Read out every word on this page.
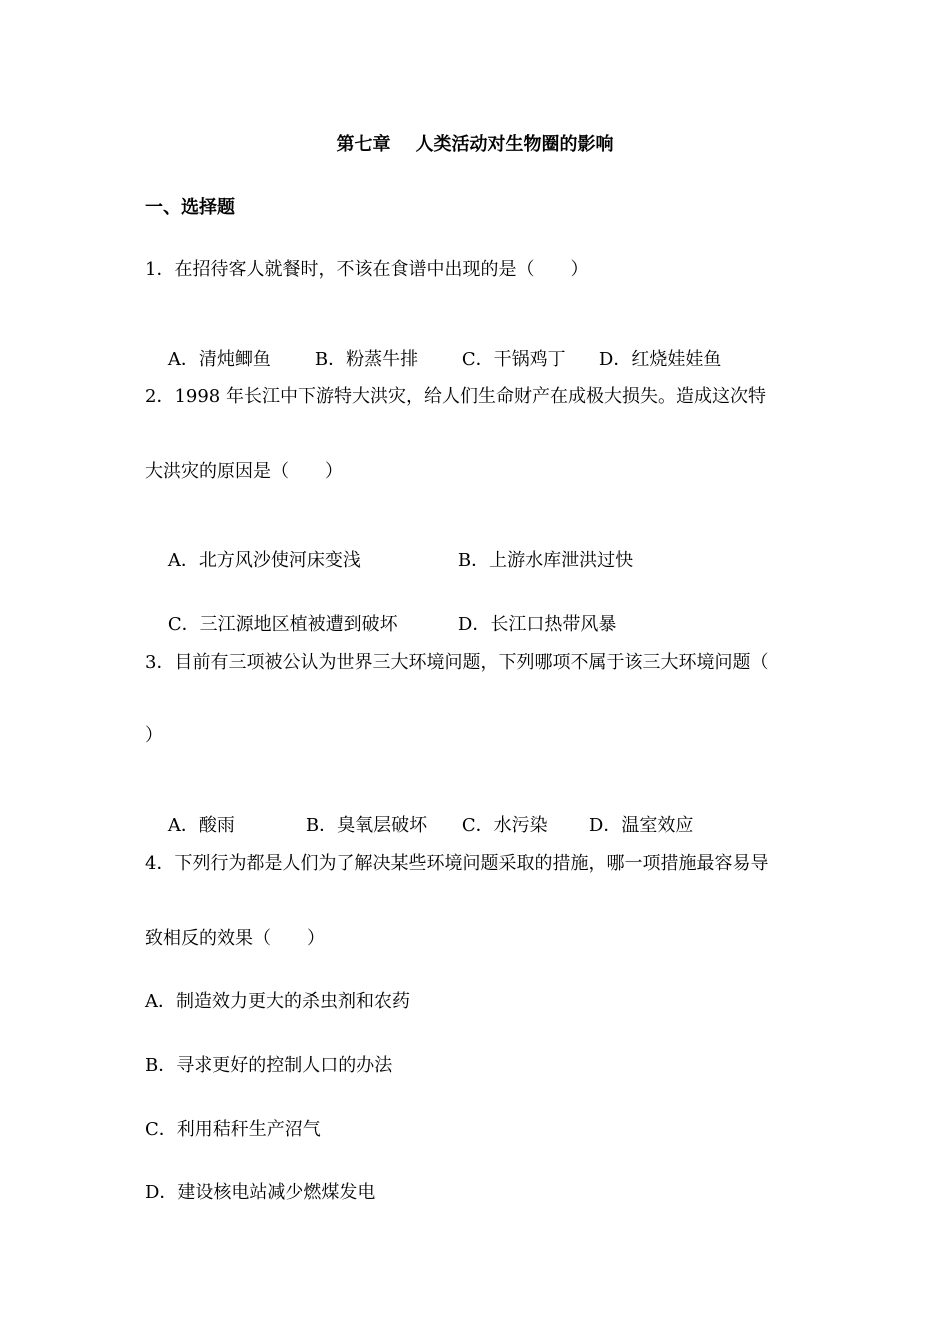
第七章    人类活动对生物圈的影响
一、选择题
1．在招待客人就餐时，不该在食谱中出现的是（　　）

A．清炖鲫鱼 B．粉蒸牛排 C．干锅鸡丁 D．红烧娃娃鱼

2．1998 年长江中下游特大洪灾，给人们生命财产在成极大损失。造成这次特
大洪灾的原因是（　　）

A．北方风沙使河床变浅	B．上游水库泄洪过快

C．三江源地区植被遭到破坏	D．长江口热带风暴

3．目前有三项被公认为世界三大环境问题，下列哪项不属于该三大环境问题（
）

A．酸雨	B．臭氧层破坏 C．水污染 D．温室效应

4．下列行为都是人们为了解决某些环境问题采取的措施，哪一项措施最容易导
致相反的效果（　　）
A．制造效力更大的杀虫剂和农药
B．寻求更好的控制人口的办法
C．利用秸秆生产沼气
D．建设核电站减少燃煤发电
